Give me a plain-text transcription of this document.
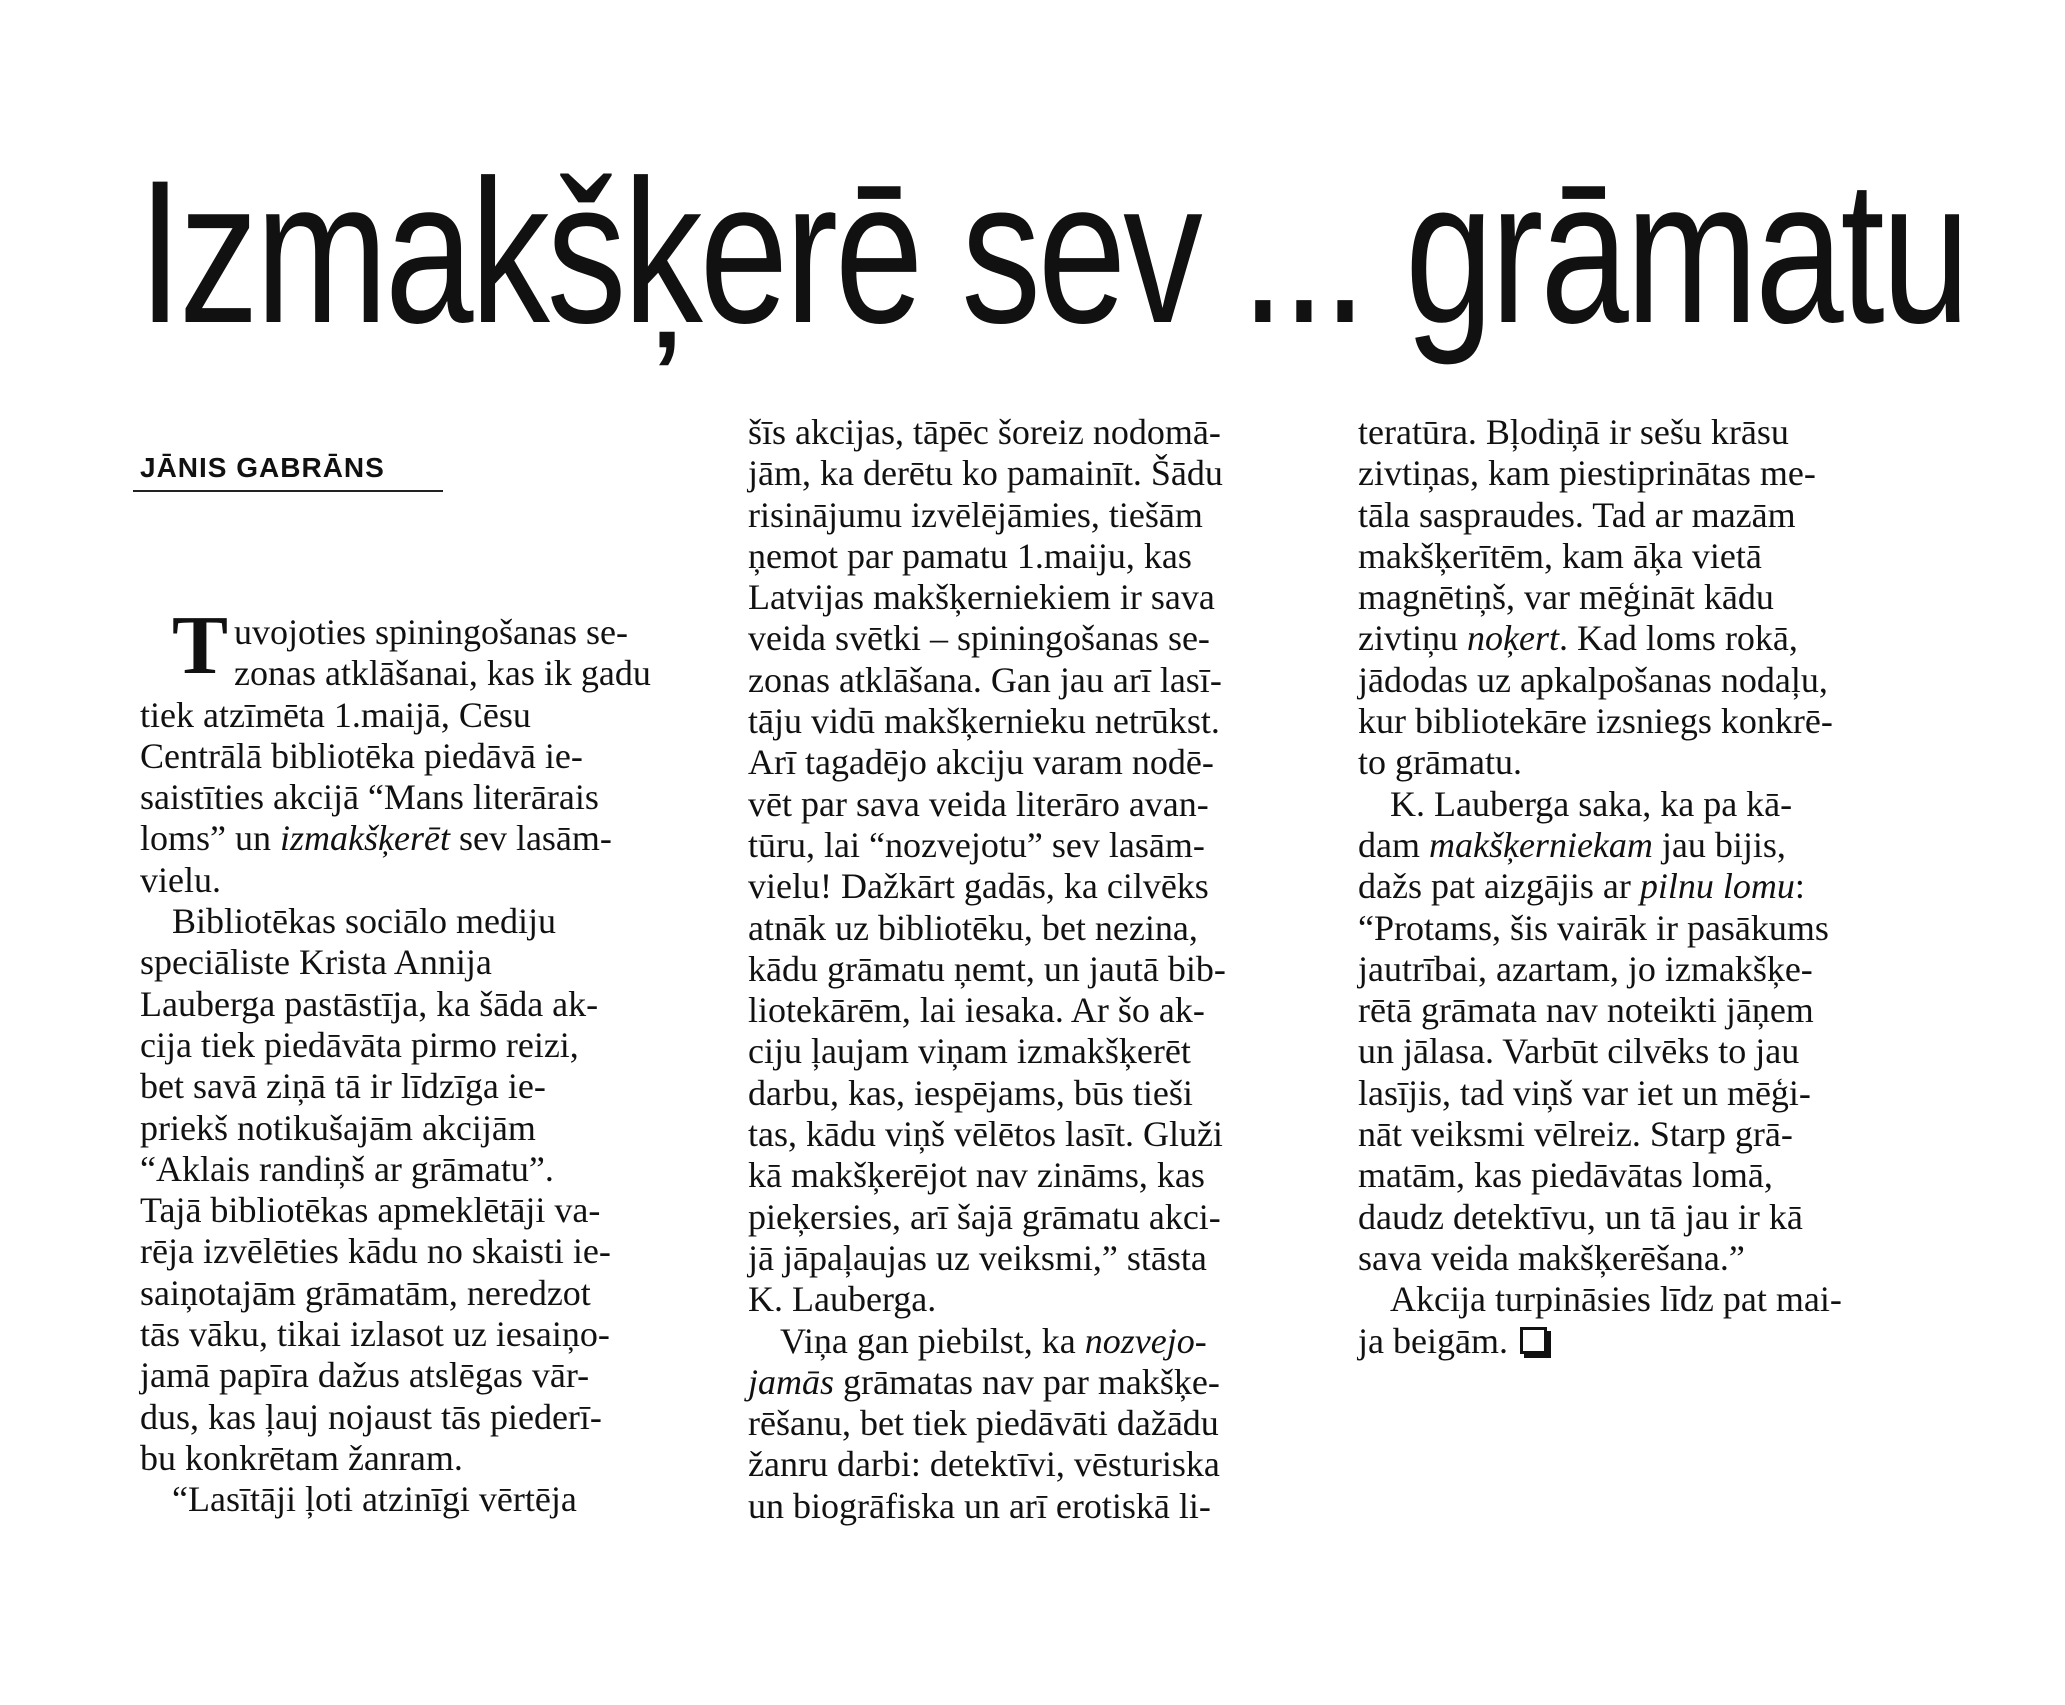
Izmakšķerē sev ... grāmatu
JĀNIS GABRĀNS
Tuvojoties spiningošanas se-
zonas atklāšanai, kas ik gadu
tiek atzīmēta 1.maijā, Cēsu
Centrālā bibliotēka piedāvā ie-
saistīties akcijā “Mans literārais
loms” un izmakšķerēt sev lasām-
vielu.
Bibliotēkas sociālo mediju
speciāliste Krista Annija
Lauberga pastāstīja, ka šāda ak-
cija tiek piedāvāta pirmo reizi,
bet savā ziņā tā ir līdzīga ie-
priekš notikušajām akcijām
“Aklais randiņš ar grāmatu”.
Tajā bibliotēkas apmeklētāji va-
rēja izvēlēties kādu no skaisti ie-
saiņotajām grāmatām, neredzot
tās vāku, tikai izlasot uz iesaiņo-
jamā papīra dažus atslēgas vār-
dus, kas ļauj nojaust tās piederī-
bu konkrētam žanram.
“Lasītāji ļoti atzinīgi vērtēja
šīs akcijas, tāpēc šoreiz nodomā-
jām, ka derētu ko pamainīt. Šādu
risinājumu izvēlējāmies, tiešām
ņemot par pamatu 1.maiju, kas
Latvijas makšķerniekiem ir sava
veida svētki – spiningošanas se-
zonas atklāšana. Gan jau arī lasī-
tāju vidū makšķernieku netrūkst.
Arī tagadējo akciju varam nodē-
vēt par sava veida literāro avan-
tūru, lai “nozvejotu” sev lasām-
vielu! Dažkārt gadās, ka cilvēks
atnāk uz bibliotēku, bet nezina,
kādu grāmatu ņemt, un jautā bib-
liotekārēm, lai iesaka. Ar šo ak-
ciju ļaujam viņam izmakšķerēt
darbu, kas, iespējams, būs tieši
tas, kādu viņš vēlētos lasīt. Gluži
kā makšķerējot nav zināms, kas
pieķersies, arī šajā grāmatu akci-
jā jāpaļaujas uz veiksmi,” stāsta
K. Lauberga.
Viņa gan piebilst, ka nozvejo-
jamās grāmatas nav par makšķe-
rēšanu, bet tiek piedāvāti dažādu
žanru darbi: detektīvi, vēsturiska
un biogrāfiska un arī erotiskā li-
teratūra. Bļodiņā ir sešu krāsu
zivtiņas, kam piestiprinātas me-
tāla saspraudes. Tad ar mazām
makšķerītēm, kam āķa vietā
magnētiņš, var mēģināt kādu
zivtiņu noķert. Kad loms rokā,
jādodas uz apkalpošanas nodaļu,
kur bibliotekāre izsniegs konkrē-
to grāmatu.
K. Lauberga saka, ka pa kā-
dam makšķerniekam jau bijis,
dažs pat aizgājis ar pilnu lomu:
“Protams, šis vairāk ir pasākums
jautrībai, azartam, jo izmakšķe-
rētā grāmata nav noteikti jāņem
un jālasa. Varbūt cilvēks to jau
lasījis, tad viņš var iet un mēģi-
nāt veiksmi vēlreiz. Starp grā-
matām, kas piedāvātas lomā,
daudz detektīvu, un tā jau ir kā
sava veida makšķerēšana.”
Akcija turpināsies līdz pat mai-
ja beigām.
